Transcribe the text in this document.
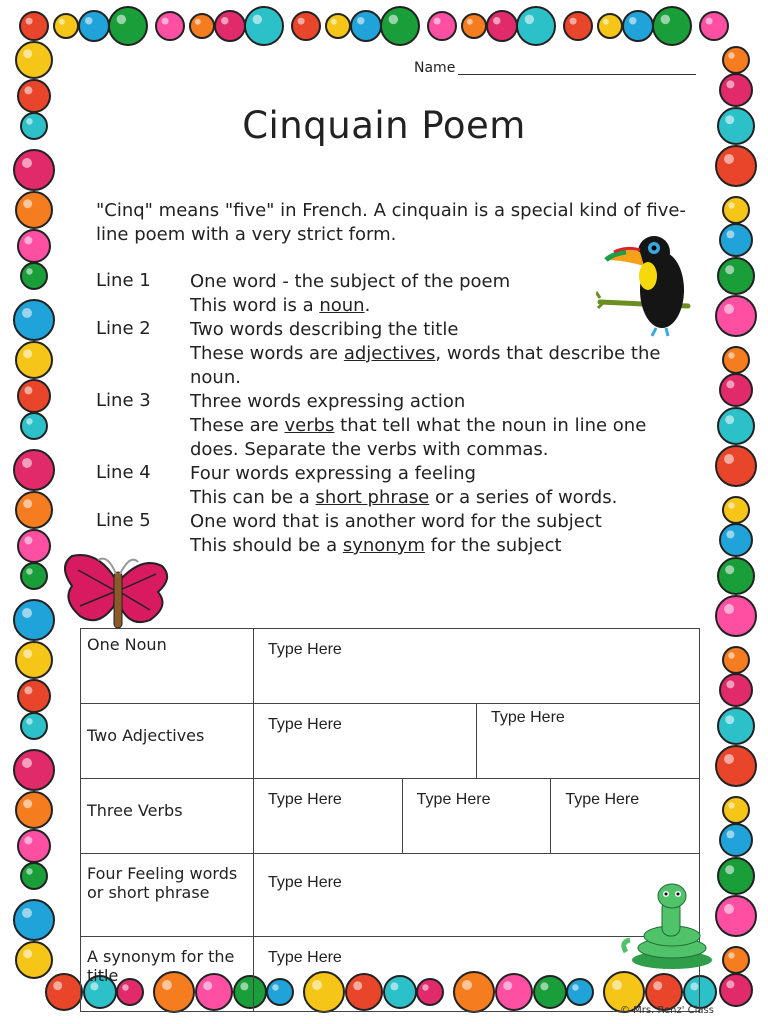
Name
Cinquain Poem
"Cinq" means "five" in French. A cinquain is a special kind of five-line poem with a very strict form.
Line 1 One word - the subject of the poem
This word is a noun.
Line 2 Two words describing the title
These words are adjectives, words that describe the noun.
Line 3 Three words expressing action
These are verbs that tell what the noun in line one does. Separate the verbs with commas.
Line 4 Four words expressing a feeling
This can be a short phrase or a series of words.
Line 5 One word that is another word for the subject
This should be a synonym for the subject
One Noun	Type Here			

Two Adjectives	Type Here		Type Here	

Three Verbs	Type Here	Type Here		Type Here

Four Feeling words or short phrase	Type Here			

A synonym for the title	Type Here			
© Mrs. Renz' Class
